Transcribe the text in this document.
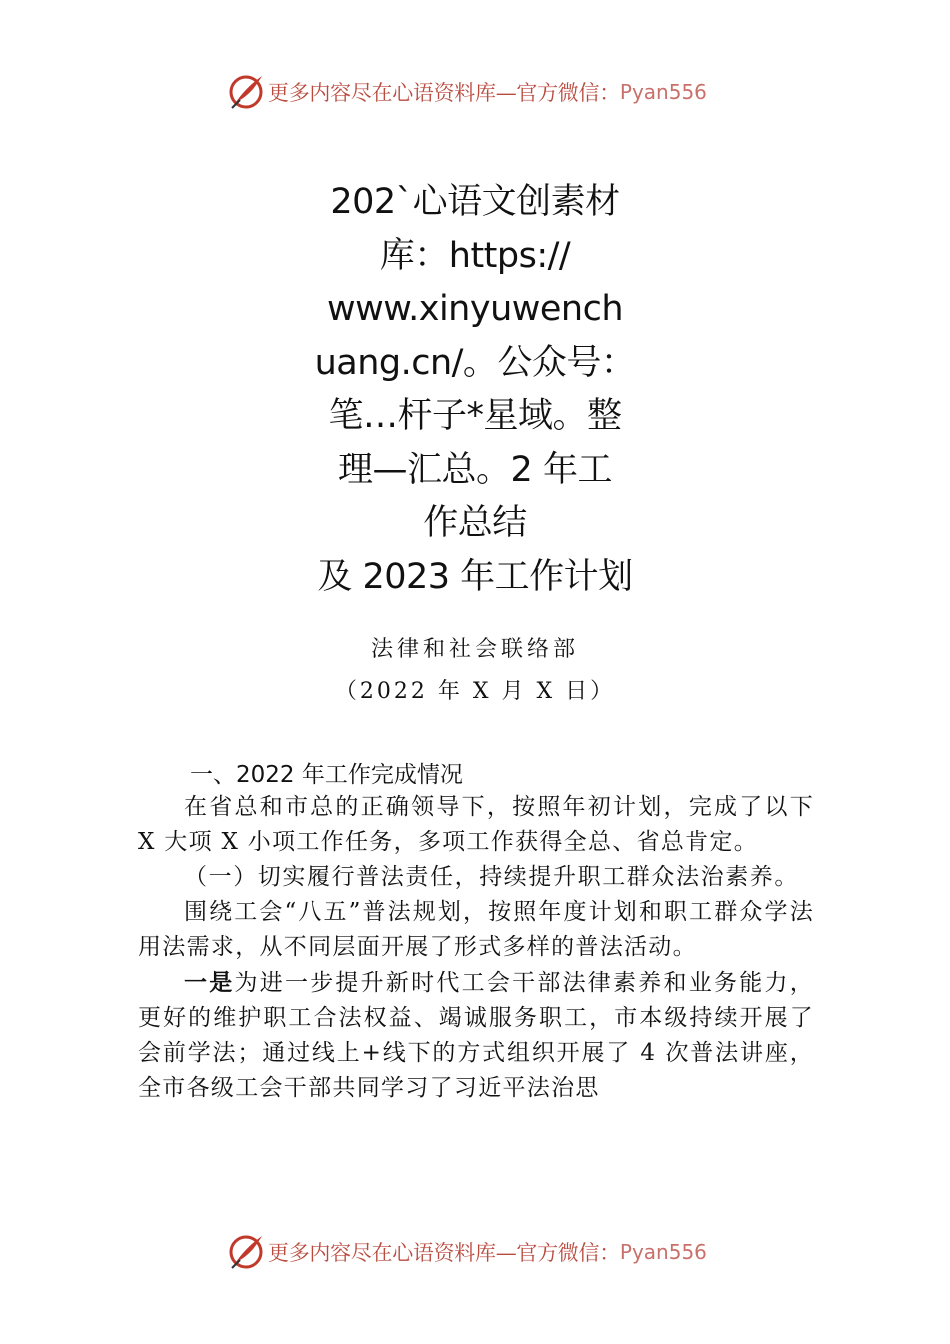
更多内容尽在心语资料库—官方微信： Pyan556
202`心语文创素材
库：https://
www.xinyuwench
uang.cn/。公众号：
笔…杆子*星域。整
理—汇总。2 年工
作总结
及 2023 年工作计划
法律和社会联络部
（2022 年 X 月 X 日）
一、2022 年工作完成情况

在省总和市总的正确领导下，按照年初计划，完成了以下 X 大项 X 小项工作任务，多项工作获得全总、省总肯定。

（一）切实履行普法责任，持续提升职工群众法治素养。

围绕工会“八五”普法规划，按照年度计划和职工群众学法用法需求，从不同层面开展了形式多样的普法活动。

一是为进一步提升新时代工会干部法律素养和业务能力，更好的维护职工合法权益、竭诚服务职工，市本级持续开展了会前学法；通过线上+线下的方式组织开展了 4 次普法讲座，全市各级工会干部共同学习了习近平法治思

更多内容尽在心语资料库—官方微信： Pyan556
